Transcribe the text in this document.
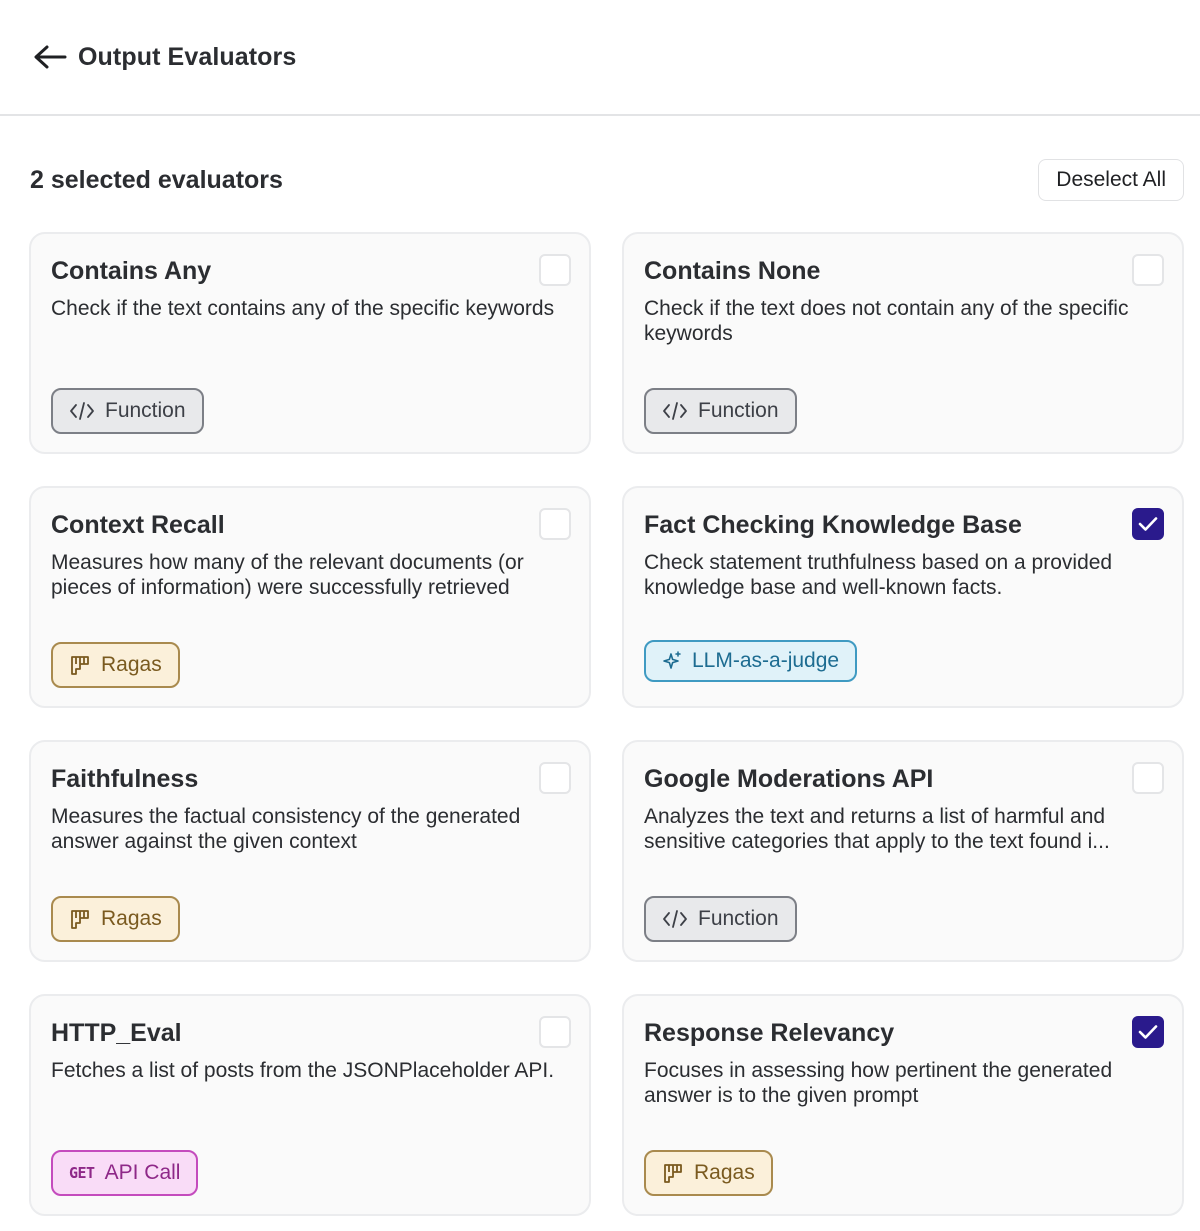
Output Evaluators
2 selected evaluators	Deselect All
Contains Any
Check if the text contains any of the specific keywords
Function
Contains None
Check if the text does not contain any of the specific keywords
Function
Context Recall
Measures how many of the relevant documents (or pieces of information) were successfully retrieved
Ragas
Fact Checking Knowledge Base
Check statement truthfulness based on a provided knowledge base and well-known facts.
LLM-as-a-judge
Faithfulness
Measures the factual consistency of the generated answer against the given context
Ragas
Google Moderations API
Analyzes the text and returns a list of harmful and sensitive categories that apply to the text found i...
Function
HTTP_Eval
Fetches a list of posts from the JSONPlaceholder API.
GET API Call
Response Relevancy
Focuses in assessing how pertinent the generated answer is to the given prompt
Ragas
